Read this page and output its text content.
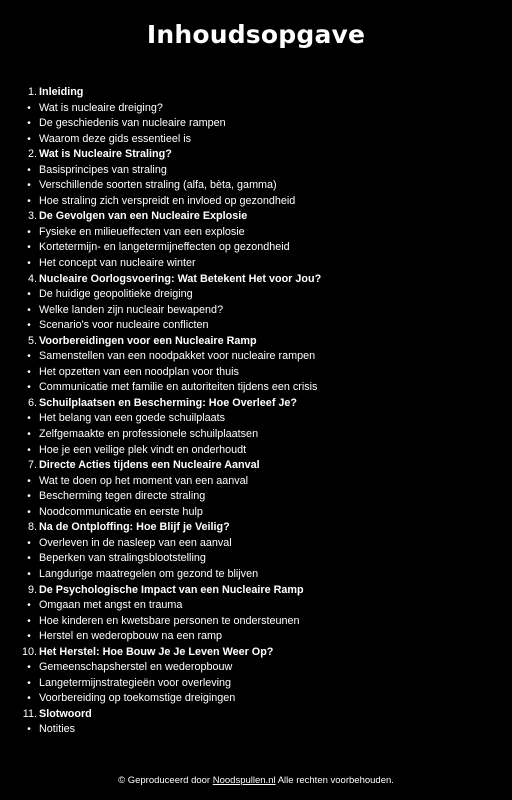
Inhoudsopgave
1. Inleiding
• Wat is nucleaire dreiging?
• De geschiedenis van nucleaire rampen
• Waarom deze gids essentieel is
2. Wat is Nucleaire Straling?
• Basisprincipes van straling
• Verschillende soorten straling (alfa, bèta, gamma)
• Hoe straling zich verspreidt en invloed op gezondheid
3. De Gevolgen van een Nucleaire Explosie
• Fysieke en milieueffecten van een explosie
• Kortetermijn- en langetermijneffecten op gezondheid
• Het concept van nucleaire winter
4. Nucleaire Oorlogsvoering: Wat Betekent Het voor Jou?
• De huidige geopolitieke dreiging
• Welke landen zijn nucleair bewapend?
• Scenario's voor nucleaire conflicten
5. Voorbereidingen voor een Nucleaire Ramp
• Samenstellen van een noodpakket voor nucleaire rampen
• Het opzetten van een noodplan voor thuis
• Communicatie met familie en autoriteiten tijdens een crisis
6. Schuilplaatsen en Bescherming: Hoe Overleef Je?
• Het belang van een goede schuilplaats
• Zelfgemaakte en professionele schuilplaatsen
• Hoe je een veilige plek vindt en onderhoudt
7. Directe Acties tijdens een Nucleaire Aanval
• Wat te doen op het moment van een aanval
• Bescherming tegen directe straling
• Noodcommunicatie en eerste hulp
8. Na de Ontploffing: Hoe Blijf je Veilig?
• Overleven in de nasleep van een aanval
• Beperken van stralingsblootstelling
• Langdurige maatregelen om gezond te blijven
9. De Psychologische Impact van een Nucleaire Ramp
• Omgaan met angst en trauma
• Hoe kinderen en kwetsbare personen te ondersteunen
• Herstel en wederopbouw na een ramp
10. Het Herstel: Hoe Bouw Je Je Leven Weer Op?
• Gemeenschapsherstel en wederopbouw
• Langetermijnstrategieën voor overleving
• Voorbereiding op toekomstige dreigingen
11. Slotwoord
• Notities
© Geproduceerd door Noodspullen.nl Alle rechten voorbehouden.
